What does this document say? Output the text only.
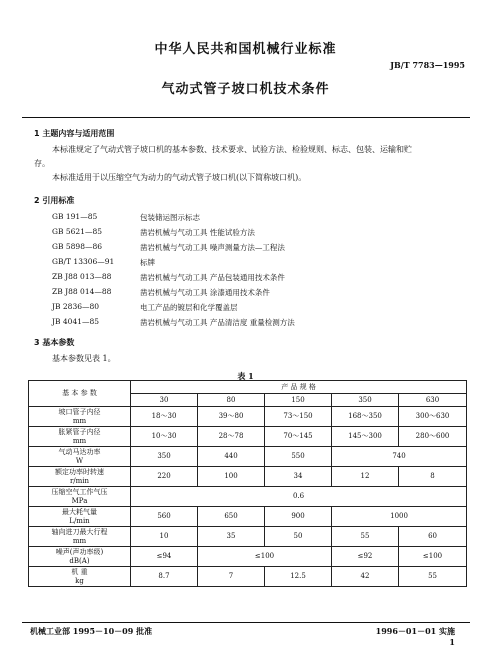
中华人民共和国机械行业标准
JB/T 7783—1995
气动式管子坡口机技术条件
1 主题内容与适用范围
本标准规定了气动式管子坡口机的基本参数、技术要求、试验方法、检验规则、标志、包装、运输和贮
存。
本标准适用于以压缩空气为动力的气动式管子坡口机(以下简称坡口机)。
2 引用标准
GB 191—85	包装储运图示标志
GB 5621—85	凿岩机械与气动工具 性能试验方法
GB 5898—86	凿岩机械与气动工具 噪声测量方法—工程法
GB/T 13306—91	标牌
ZB J88 013—88	凿岩机械与气动工具 产品包装通用技术条件
ZB J88 014—88	凿岩机械与气动工具 涂漆通用技术条件
JB 2836—80	电工产品的镀层和化学覆盖层
JB 4041—85	凿岩机械与气动工具 产品清洁度 重量检测方法
3 基本参数
基本参数见表 1。
表 1
基 本 参 数	产 品 规 格				
	30	80	150	350	630

坡口管子内径
mm	18～30	39～80	73～150	168～350	300～630

胀紧管子内径
mm	10～30	28～78	70～145	145～300	280～600

气动马达功率
W	350	440	550	740	

额定功率时转速
r/min	220	100	34	12	8

压缩空气工作气压
MPa	0.6				

最大耗气量
L/min	560	650	900	1000	

轴向进刀最大行程
mm	10	35	50	55	60

噪声(声功率级)
dB(A)	≤94	≤100		≤92	≤100

机 重
kg	8.7	7	12.5	42	55
机械工业部 1995－10－09 批准	1996－01－01 实施
1
